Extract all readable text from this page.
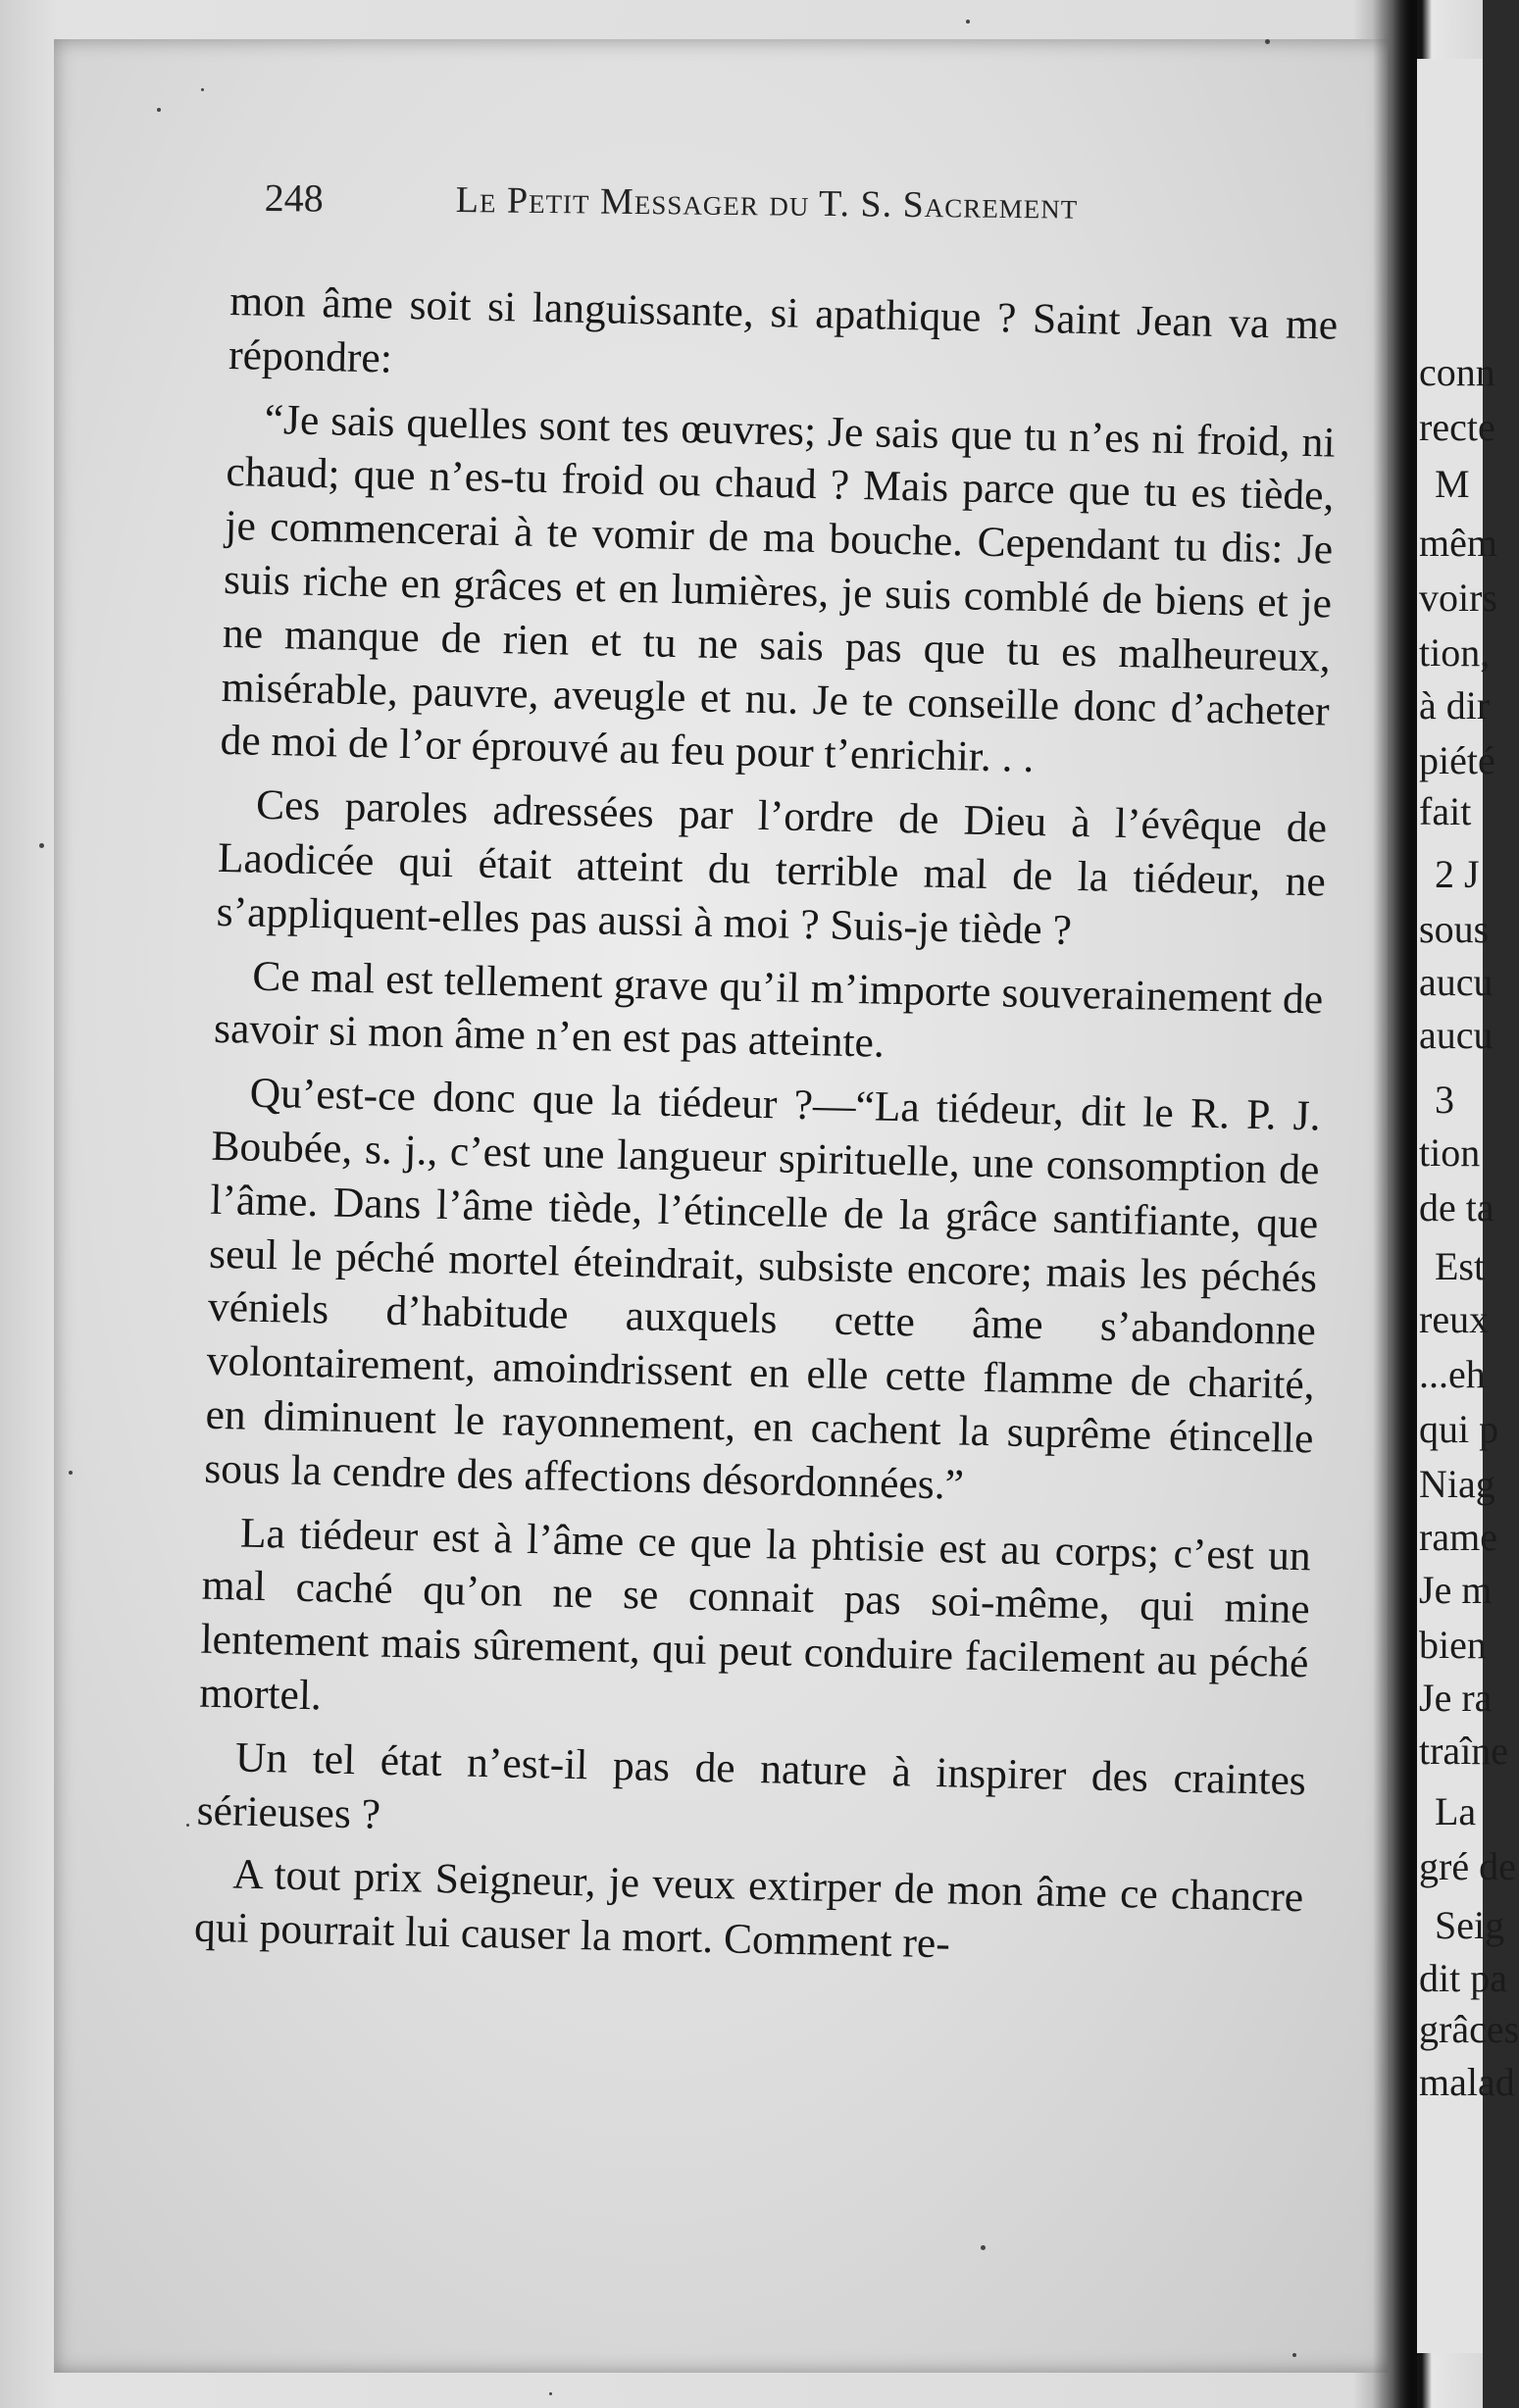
conn
recte
M
mêm
voirs
tion,
à dir
piété
fait
2 J
sous
aucu
aucu
3
tion
de ta
Est
reux
...eh
qui p
Niag
rame
Je m
bien
Je ra
traîne
La
gré de
Seig
dit pa
grâces
malad
248	Le Petit Messager du T. S. Sacrement

mon âme soit si languissante, si apathique ? Saint Jean va me répondre:

“Je sais quelles sont tes œuvres; Je sais que tu n’es ni froid, ni chaud; que n’es-tu froid ou chaud ? Mais parce que tu es tiède, je commencerai à te vomir de ma bouche. Cependant tu dis: Je suis riche en grâces et en lumières, je suis comblé de biens et je ne manque de rien et tu ne sais pas que tu es malheureux, misérable, pauvre, aveugle et nu. Je te conseille donc d’acheter de moi de l’or éprouvé au feu pour t’enrichir. . .

Ces paroles adressées par l’ordre de Dieu à l’évêque de Laodicée qui était atteint du terrible mal de la tiédeur, ne s’appliquent-elles pas aussi à moi ? Suis-je tiède ?

Ce mal est tellement grave qu’il m’importe souverainement de savoir si mon âme n’en est pas atteinte.

Qu’est-ce donc que la tiédeur ?—“La tiédeur, dit le R. P. J. Boubée, s. j., c’est une langueur spirituelle, une consomption de l’âme. Dans l’âme tiède, l’étincelle de la grâce santifiante, que seul le péché mortel éteindrait, subsiste encore; mais les péchés véniels d’habitude auxquels cette âme s’abandonne volontairement, amoindrissent en elle cette flamme de charité, en diminuent le rayonnement, en cachent la suprême étincelle sous la cendre des affections désordonnées.”

La tiédeur est à l’âme ce que la phtisie est au corps; c’est un mal caché qu’on ne se connait pas soi-même, qui mine lentement mais sûrement, qui peut conduire facilement au péché mortel.

Un tel état n’est-il pas de nature à inspirer des craintes sérieuses ?

A tout prix Seigneur, je veux extirper de mon âme ce chancre qui pourrait lui causer la mort. Comment re-
